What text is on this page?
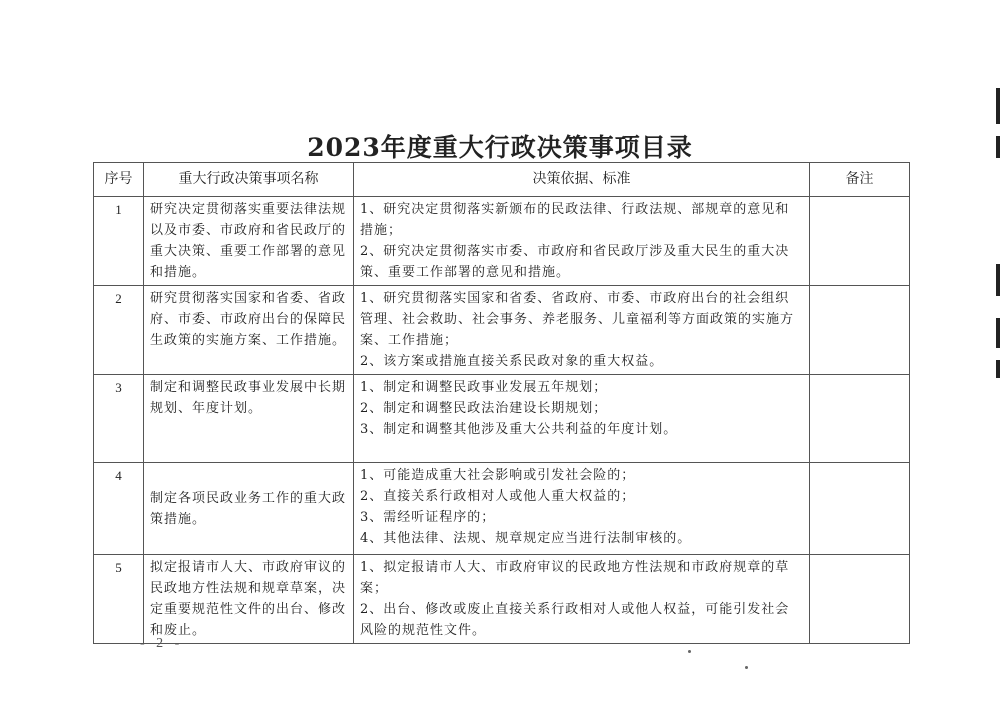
2023年度重大行政决策事项目录
序号	重大行政决策事项名称	决策依据、标准	备注
1	研究决定贯彻落实重要法律法规以及市委、市政府和省民政厅的重大决策、重要工作部署的意见和措施。	1、研究决定贯彻落实新颁布的民政法律、行政法规、部规章的意见和措施；
2、研究决定贯彻落实市委、市政府和省民政厅涉及重大民生的重大决策、重要工作部署的意见和措施。	

2	研究贯彻落实国家和省委、省政府、市委、市政府出台的保障民生政策的实施方案、工作措施。	1、研究贯彻落实国家和省委、省政府、市委、市政府出台的社会组织管理、社会救助、社会事务、养老服务、儿童福利等方面政策的实施方案、工作措施；
2、该方案或措施直接关系民政对象的重大权益。	

3	制定和调整民政事业发展中长期规划、年度计划。	1、制定和调整民政事业发展五年规划；
2、制定和调整民政法治建设长期规划；
3、制定和调整其他涉及重大公共利益的年度计划。	

4	制定各项民政业务工作的重大政策措施。	1、可能造成重大社会影响或引发社会险的；
2、直接关系行政相对人或他人重大权益的；
3、需经听证程序的；
4、其他法律、法规、规章规定应当进行法制审核的。	

5	拟定报请市人大、市政府审议的民政地方性法规和规章草案，决定重要规范性文件的出台、修改和废止。	1、拟定报请市人大、市政府审议的民政地方性法规和市政府规章的草案；
2、出台、修改或废止直接关系行政相对人或他人权益，可能引发社会风险的规范性文件。	

- 2 -
